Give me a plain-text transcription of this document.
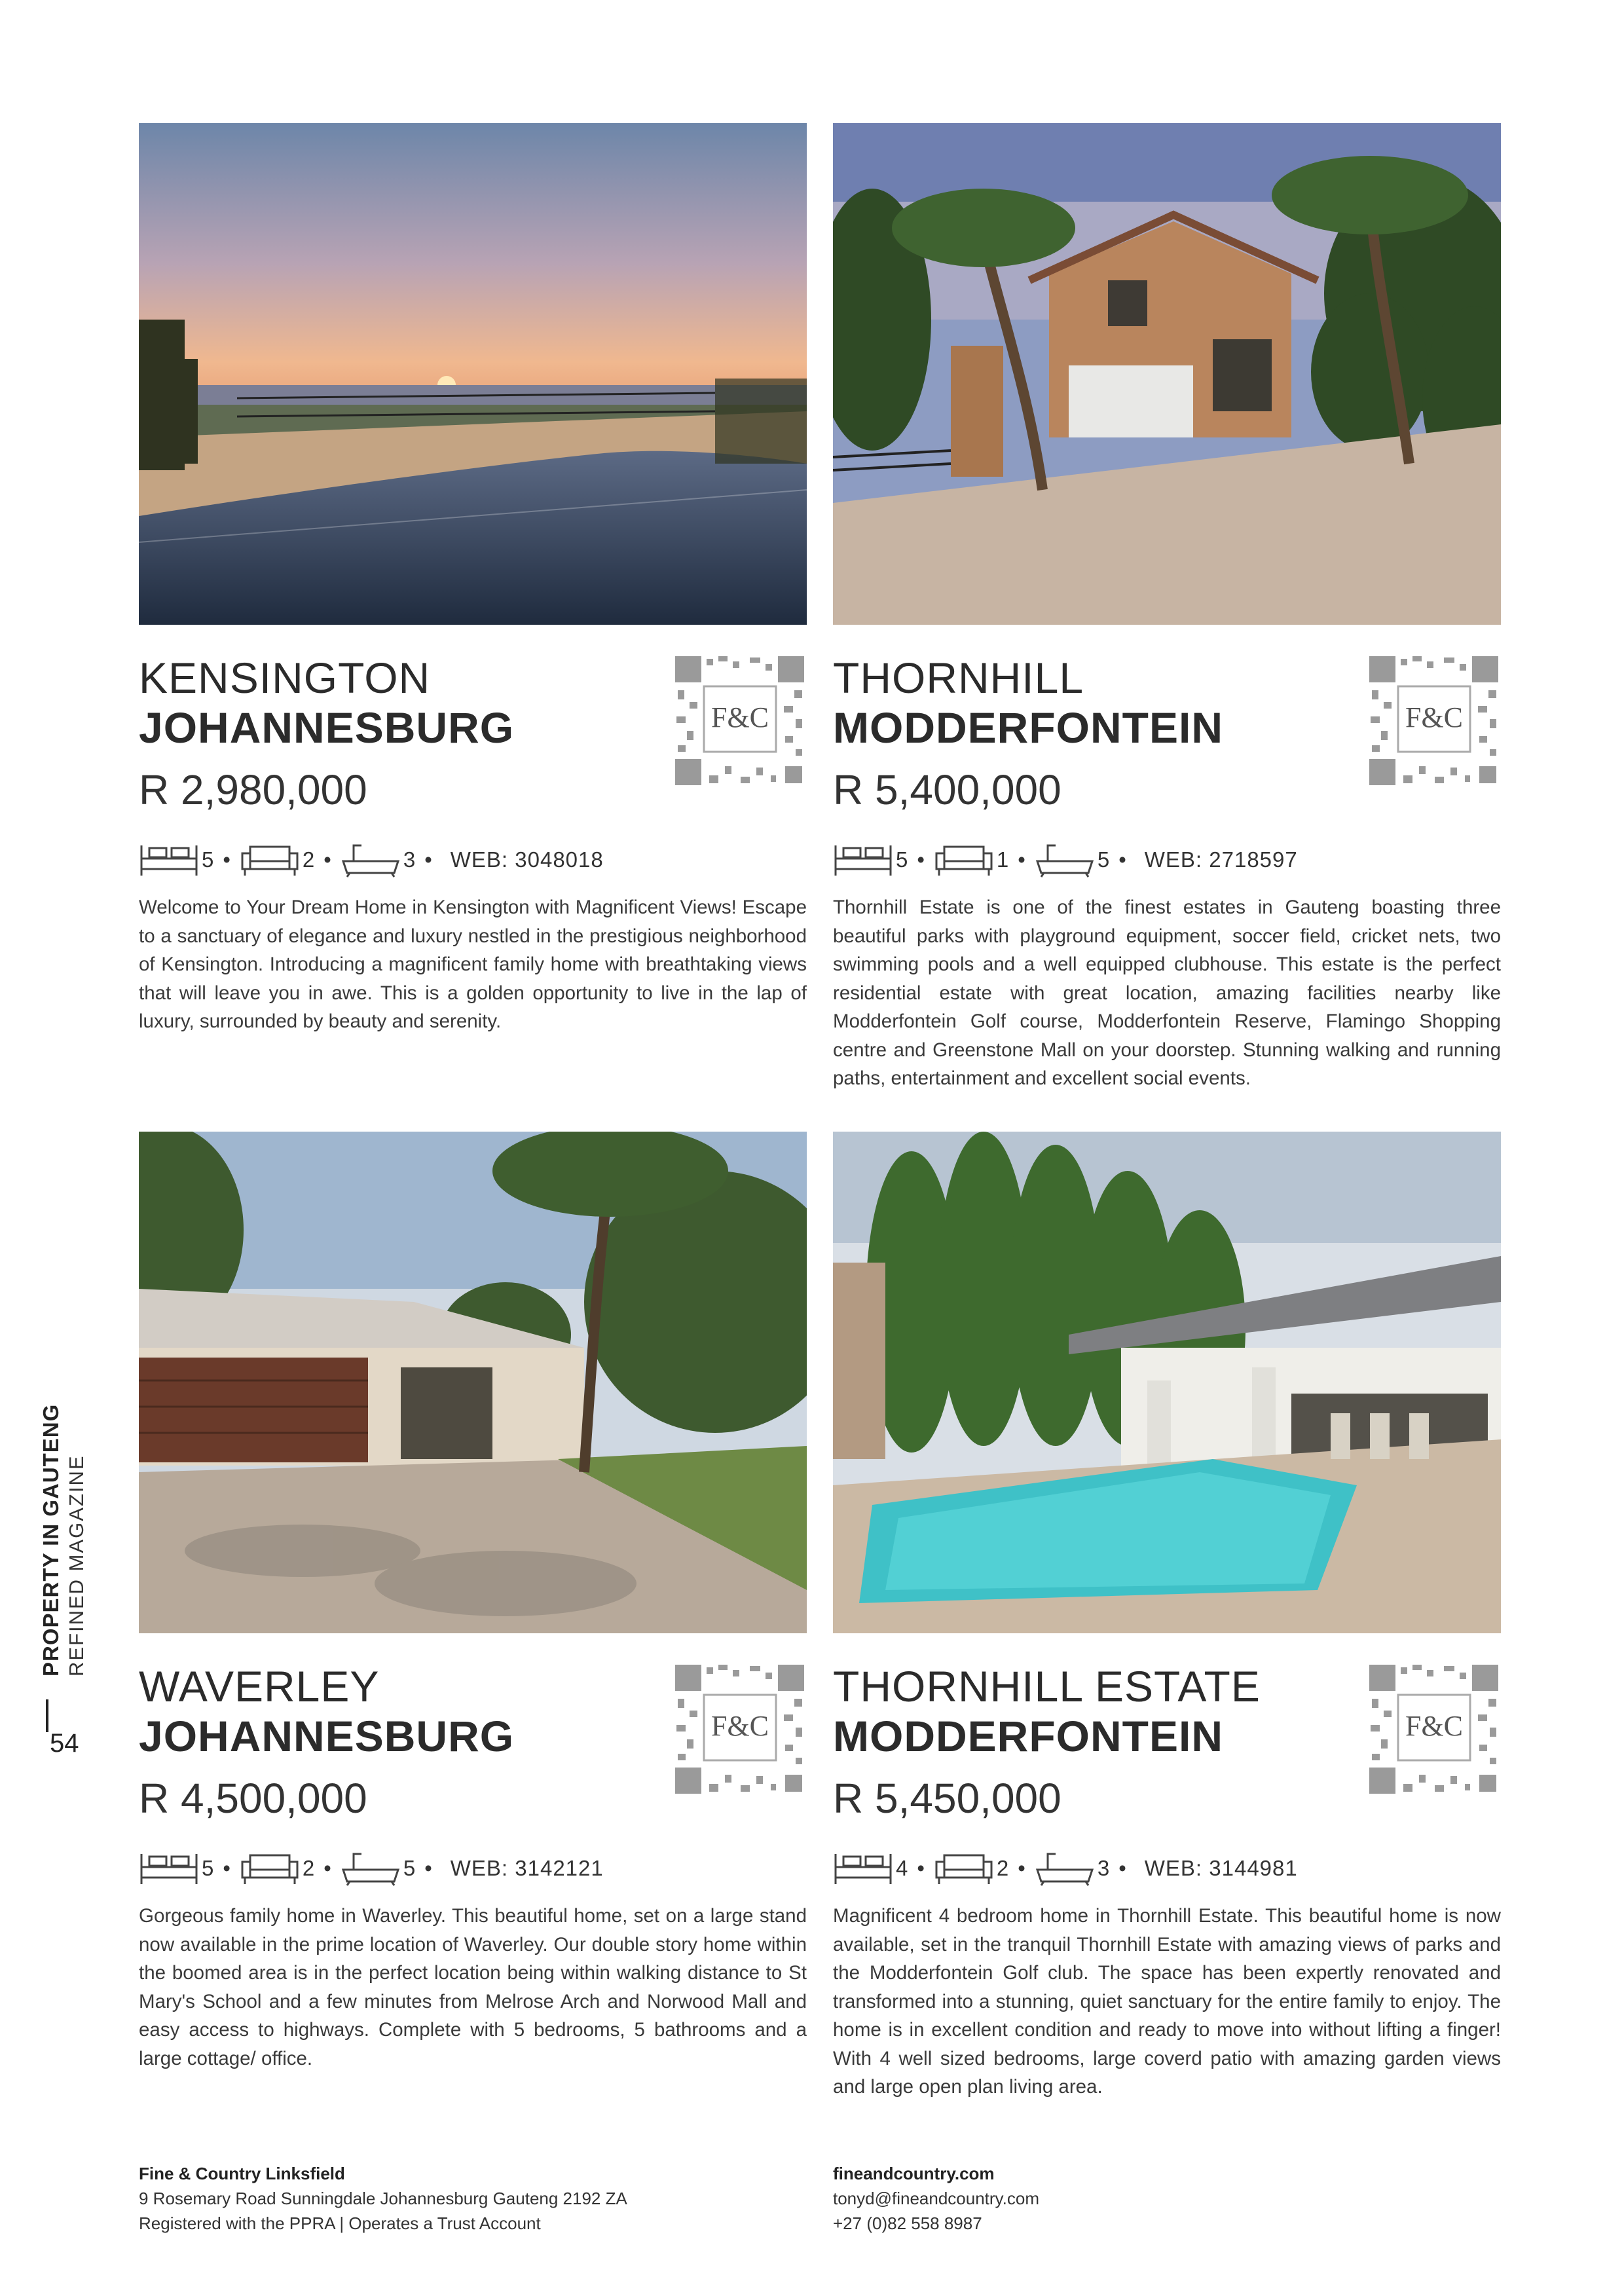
PROPERTY IN GAUTENG REFINED MAGAZINE
54
F&C
KENSINGTON
JOHANNESBURG
R 2,980,000
5 •	2 •	3 • WEB: 3048018
Welcome to Your Dream Home in Kensington with Magnificent Views! Escape to a sanctuary of elegance and luxury nestled in the prestigious neighborhood of Kensington. Introducing a magnificent family home with breathtaking views that will leave you in awe. This is a golden opportunity to live in the lap of luxury, surrounded by beauty and serenity.
F&C
THORNHILL
MODDERFONTEIN
R 5,400,000
5 •	1 •	5 • WEB: 2718597
Thornhill Estate is one of the finest estates in Gauteng boasting three beautiful parks with playground equipment, soccer field, cricket nets, two swimming pools and a well equipped clubhouse. This estate is the perfect residential estate with great location, amazing facilities nearby like Modderfontein Golf course, Modderfontein Reserve, Flamingo Shopping centre and Greenstone Mall on your doorstep. Stunning walking and running paths, entertainment and excellent social events.
F&C
WAVERLEY
JOHANNESBURG
R 4,500,000
5 •	2 •	5 • WEB: 3142121
Gorgeous family home in Waverley. This beautiful home, set on a large stand now available in the prime location of Waverley. Our double story home within the boomed area is in the perfect location being within walking distance to St Mary's School and a few minutes from Melrose Arch and Norwood Mall and easy access to highways. Complete with 5 bedrooms, 5 bathrooms and a large cottage/ office.
F&C
THORNHILL ESTATE
MODDERFONTEIN
R 5,450,000
4 •	2 •	3 • WEB: 3144981
Magnificent 4 bedroom home in Thornhill Estate. This beautiful home is now available, set in the tranquil Thornhill Estate with amazing views of parks and the Modderfontein Golf club. The space has been expertly renovated and transformed into a stunning, quiet sanctuary for the entire family to enjoy. The home is in excellent condition and ready to move into without lifting a finger! With 4 well sized bedrooms, large coverd patio with amazing garden views and large open plan living area.
Fine & Country Linksfield
9 Rosemary Road Sunningdale Johannesburg Gauteng 2192 ZA
Registered with the PPRA | Operates a Trust Account
fineandcountry.com
tonyd@fineandcountry.com
+27 (0)82 558 8987
